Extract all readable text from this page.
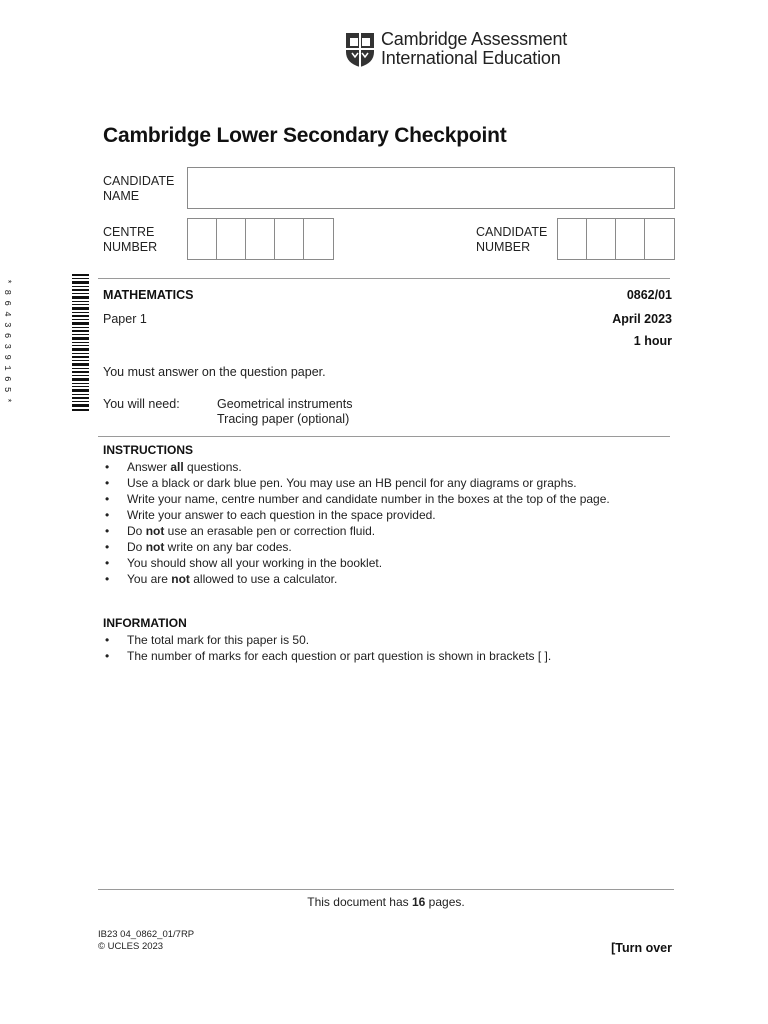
Cambridge Assessment
International Education
Cambridge Lower Secondary Checkpoint
CANDIDATE
NAME
CENTRE
NUMBER
CANDIDATE
NUMBER
* 8 6 4 3 6 3 9 1 6 5 *	MATHEMATICS	0862/01
Paper 1	April 2023
1 hour
You must answer on the question paper.
You will need:	Geometrical instruments
Tracing paper (optional)
INSTRUCTIONS
• Answer all questions.
• Use a black or dark blue pen. You may use an HB pencil for any diagrams or graphs.
• Write your name, centre number and candidate number in the boxes at the top of the page.
• Write your answer to each question in the space provided.
• Do not use an erasable pen or correction fluid.
• Do not write on any bar codes.
• You should show all your working in the booklet.
• You are not allowed to use a calculator.
INFORMATION
• The total mark for this paper is 50.
• The number of marks for each question or part question is shown in brackets [ ].
This document has 16 pages.
IB23 04_0862_01/7RP
© UCLES 2023	[Turn over
